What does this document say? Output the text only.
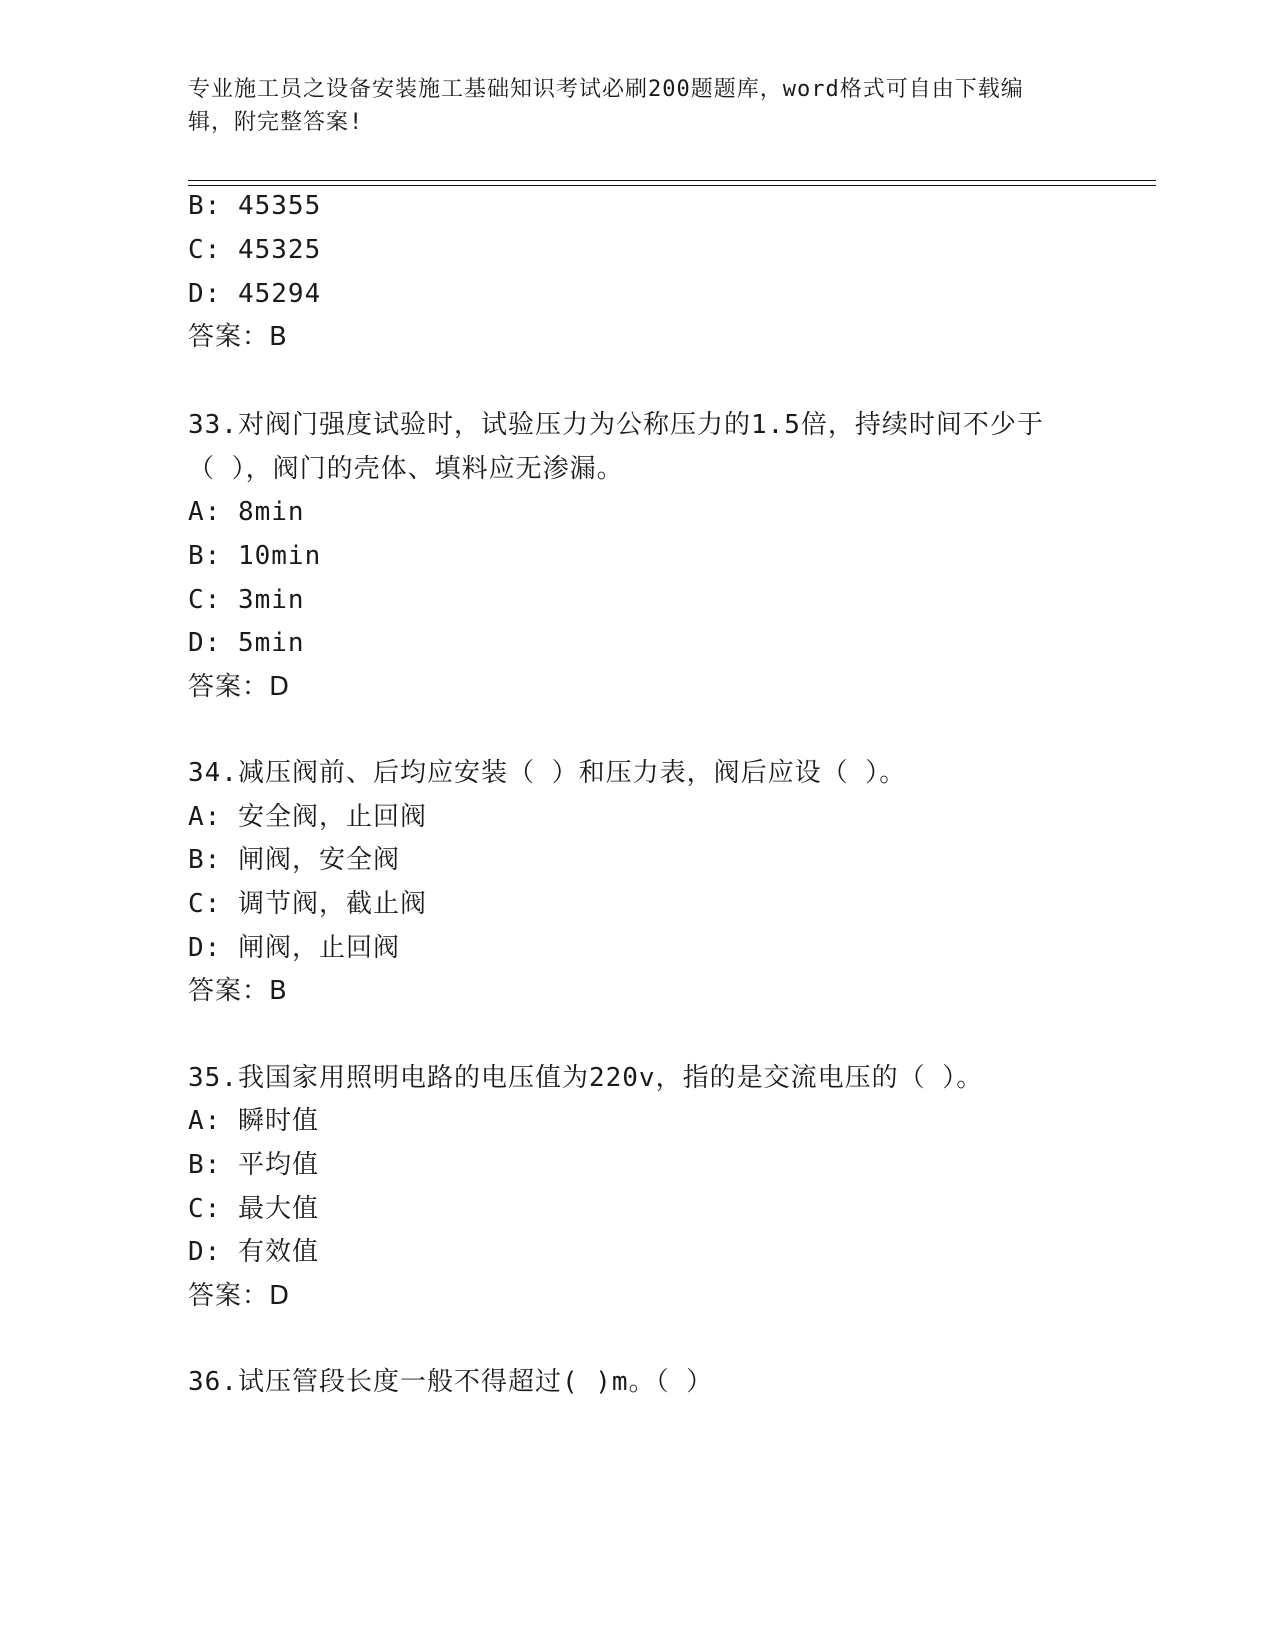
专业施工员之设备安装施工基础知识考试必刷200题题库，word格式可自由下载编辑，附完整答案!
B: 45355
C: 45325
D: 45294
答案：B
33.对阀门强度试验时，试验压力为公称压力的1.5倍，持续时间不少于（ ），阀门的壳体、填料应无渗漏。
A: 8min
B: 10min
C: 3min
D: 5min
答案：D
34.减压阀前、后均应安装（ ）和压力表，阀后应设（ ）。
A: 安全阀，止回阀
B: 闸阀，安全阀
C: 调节阀，截止阀
D: 闸阀，止回阀
答案：B
35.我国家用照明电路的电压值为220v，指的是交流电压的（ ）。
A: 瞬时值
B: 平均值
C: 最大值
D: 有效值
答案：D
36.试压管段长度一般不得超过( )m。（ ）
